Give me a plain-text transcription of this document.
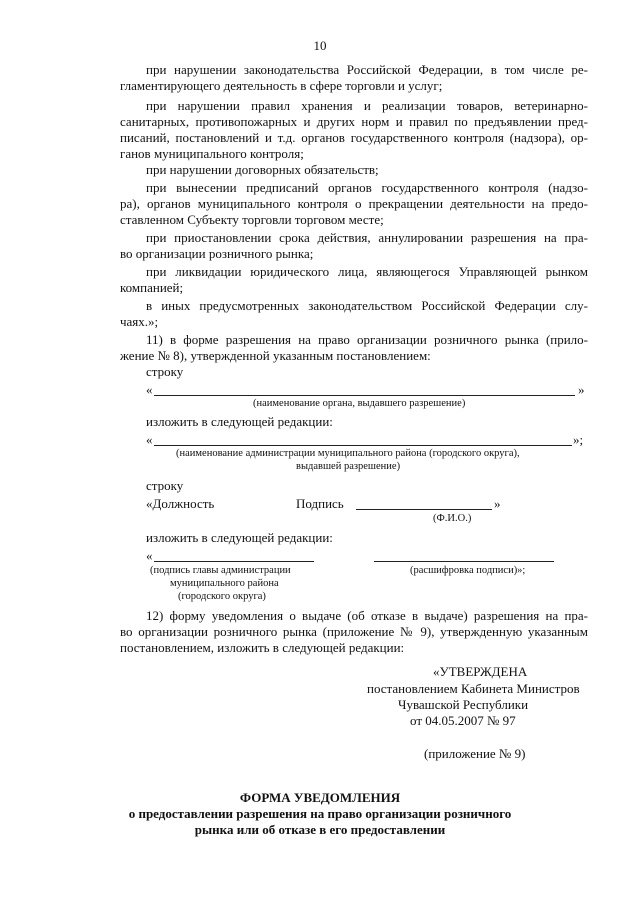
10
при нарушении законодательства Российской Федерации, в том числе ре-
гламентирующего деятельность в сфере торговли и услуг;
при нарушении правил хранения и реализации товаров, ветеринарно-
санитарных, противопожарных и других норм и правил по предъявлении пред-
писаний, постановлений и т.д. органов государственного контроля (надзора), ор-
ганов муниципального контроля;
при нарушении договорных обязательств;
при вынесении предписаний органов государственного контроля (надзо-
ра), органов муниципального контроля о прекращении деятельности на предо-
ставленном Субъекту торговли торговом месте;
при приостановлении срока действия, аннулировании разрешения на пра-
во организации розничного рынка;
при ликвидации юридического лица, являющегося Управляющей рынком
компанией;
в иных предусмотренных законодательством Российской Федерации слу-
чаях.»;
11) в форме разрешения на право организации розничного рынка (прило-
жение № 8), утвержденной указанным постановлением:
строку
«	»
(наименование органа, выдавшего разрешение)
изложить в следующей редакции:
«	»;
(наименование администрации муниципального района (городского округа),
выдавшей разрешение)
строку
«Должность	Подпись	»
(Ф.И.О.)
изложить в следующей редакции:
«
(подпись главы администрации	(расшифровка подписи)»;
муниципального района
(городского округа)
12) форму уведомления о выдаче (об отказе в выдаче) разрешения на пра-
во организации розничного рынка (приложение № 9), утвержденную указанным
постановлением, изложить в следующей редакции:
«УТВЕРЖДЕНА
постановлением Кабинета Министров
Чувашской Республики
от 04.05.2007 № 97
(приложение № 9)
ФОРМА УВЕДОМЛЕНИЯ
о предоставлении разрешения на право организации розничного
рынка или об отказе в его предоставлении
